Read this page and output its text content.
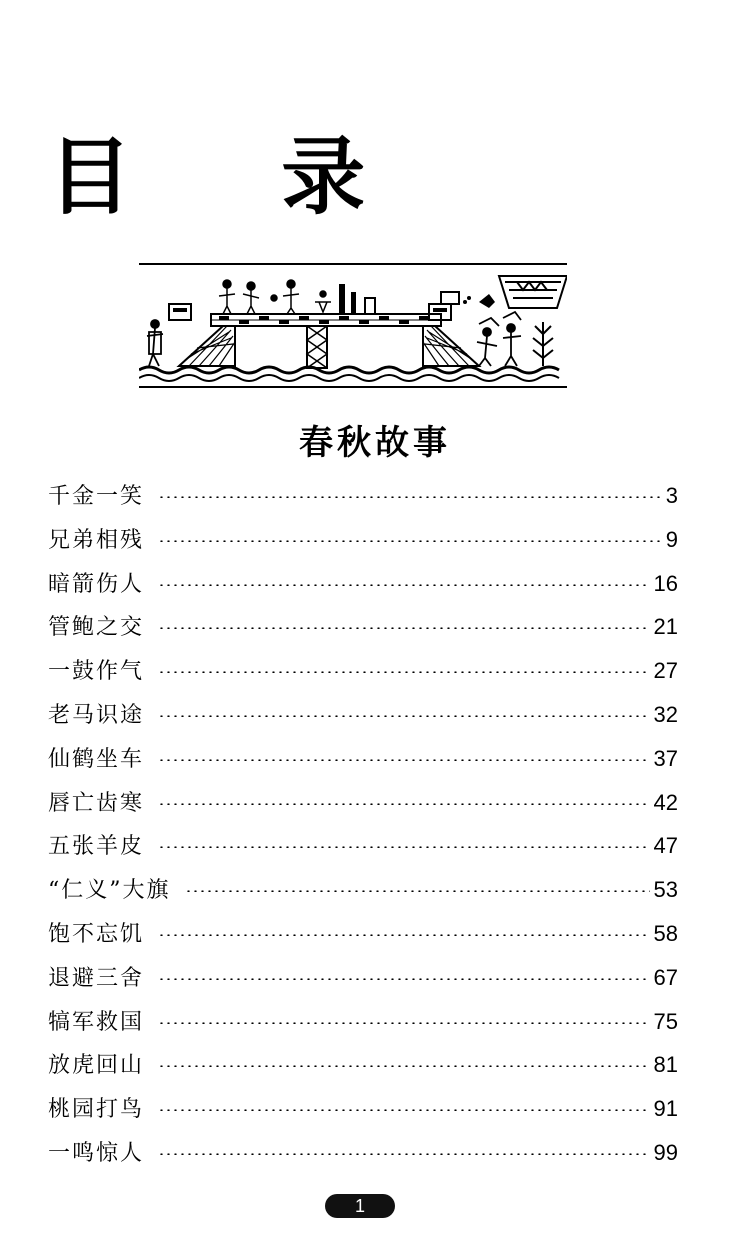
目 录
春秋故事
千金一笑	3
兄弟相残	9
暗箭伤人	16
管鲍之交	21
一鼓作气	27
老马识途	32
仙鹤坐车	37
唇亡齿寒	42
五张羊皮	47
“仁义”大旗	53
饱不忘饥	58
退避三舍	67
犒军救国	75
放虎回山	81
桃园打鸟	91
一鸣惊人	99
1
